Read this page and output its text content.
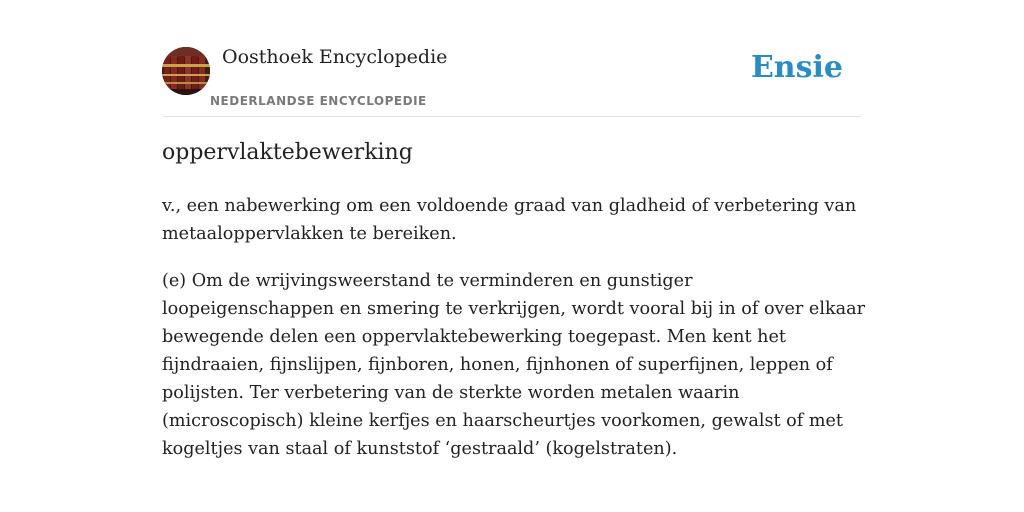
Oosthoek Encyclopedie
NEDERLANDSE ENCYCLOPEDIE
Ensie
oppervlaktebewerking

v., een nabewerking om een voldoende graad van gladheid of verbetering van metaaloppervlakken te bereiken.

(e) Om de wrijvingsweerstand te verminderen en gunstiger loopeigenschappen en smering te verkrijgen, wordt vooral bij in of over elkaar bewegende delen een oppervlaktebewerking toegepast. Men kent het fijndraaien, fijnslijpen, fijnboren, honen, fijnhonen of superfijnen, leppen of polijsten. Ter verbetering van de sterkte worden metalen waarin (microscopisch) kleine kerfjes en haarscheurtjes voorkomen, gewalst of met kogeltjes van staal of kunststof ‘gestraald’ (kogelstraten).
